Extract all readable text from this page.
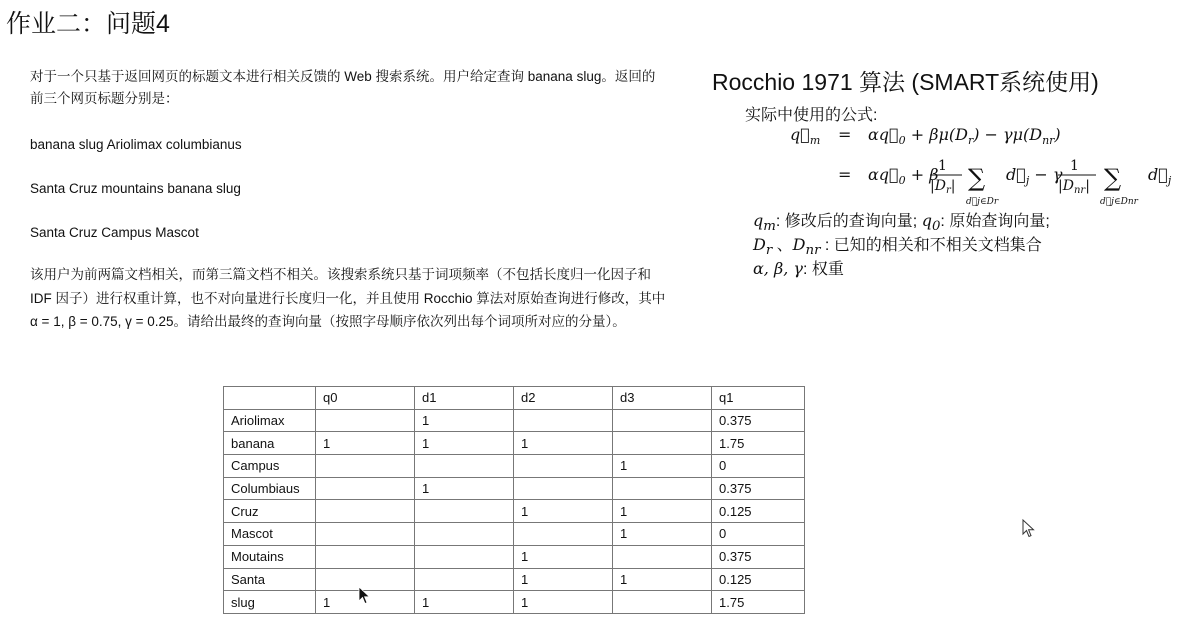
作业二：问题4
对于一个只基于返回网页的标题文本进行相关反馈的 Web 搜索系统。用户给定查询 banana slug。返回的前三个网页标题分别是：
banana slug Ariolimax columbianus
Santa Cruz mountains banana slug
Santa Cruz Campus Mascot
该用户为前两篇文档相关，而第三篇文档不相关。该搜索系统只基于词项频率（不包括长度归一化因子和 IDF 因子）进行权重计算，也不对向量进行长度归一化，并且使用 Rocchio 算法对原始查询进行修改，其中α = 1, β = 0.75, γ = 0.25。请给出最终的查询向量（按照字母顺序依次列出每个词项所对应的分量）。
Rocchio 1971 算法 (SMART系统使用)
实际中使用的公式:
$q⃗_m$ = $\alpha q⃗_0 + \beta\mu(D_r) - \gamma\mu(D_{nr})$
= $\alpha q⃗_0 + \beta$ 1
$|D_r|$ ∑
d⃗j∈Dr
$d⃗_j - \gamma$ 1
$|D_{nr}|$ ∑
d⃗j∈Dnr
$d⃗_j$
$q_m$: 修改后的查询向量; $q_0$: 原始查询向量;
$D_r$ 、$D_{nr}$ : 已知的相关和不相关文档集合
α, β, γ: 权重
	q0	d1	d2	d3	q1
Ariolimax		1			0.375
banana	1	1	1		1.75
Campus				1	0
Columbiaus		1			0.375
Cruz			1	1	0.125
Mascot				1	0
Moutains			1		0.375
Santa			1	1	0.125
slug	1	1	1		1.75
